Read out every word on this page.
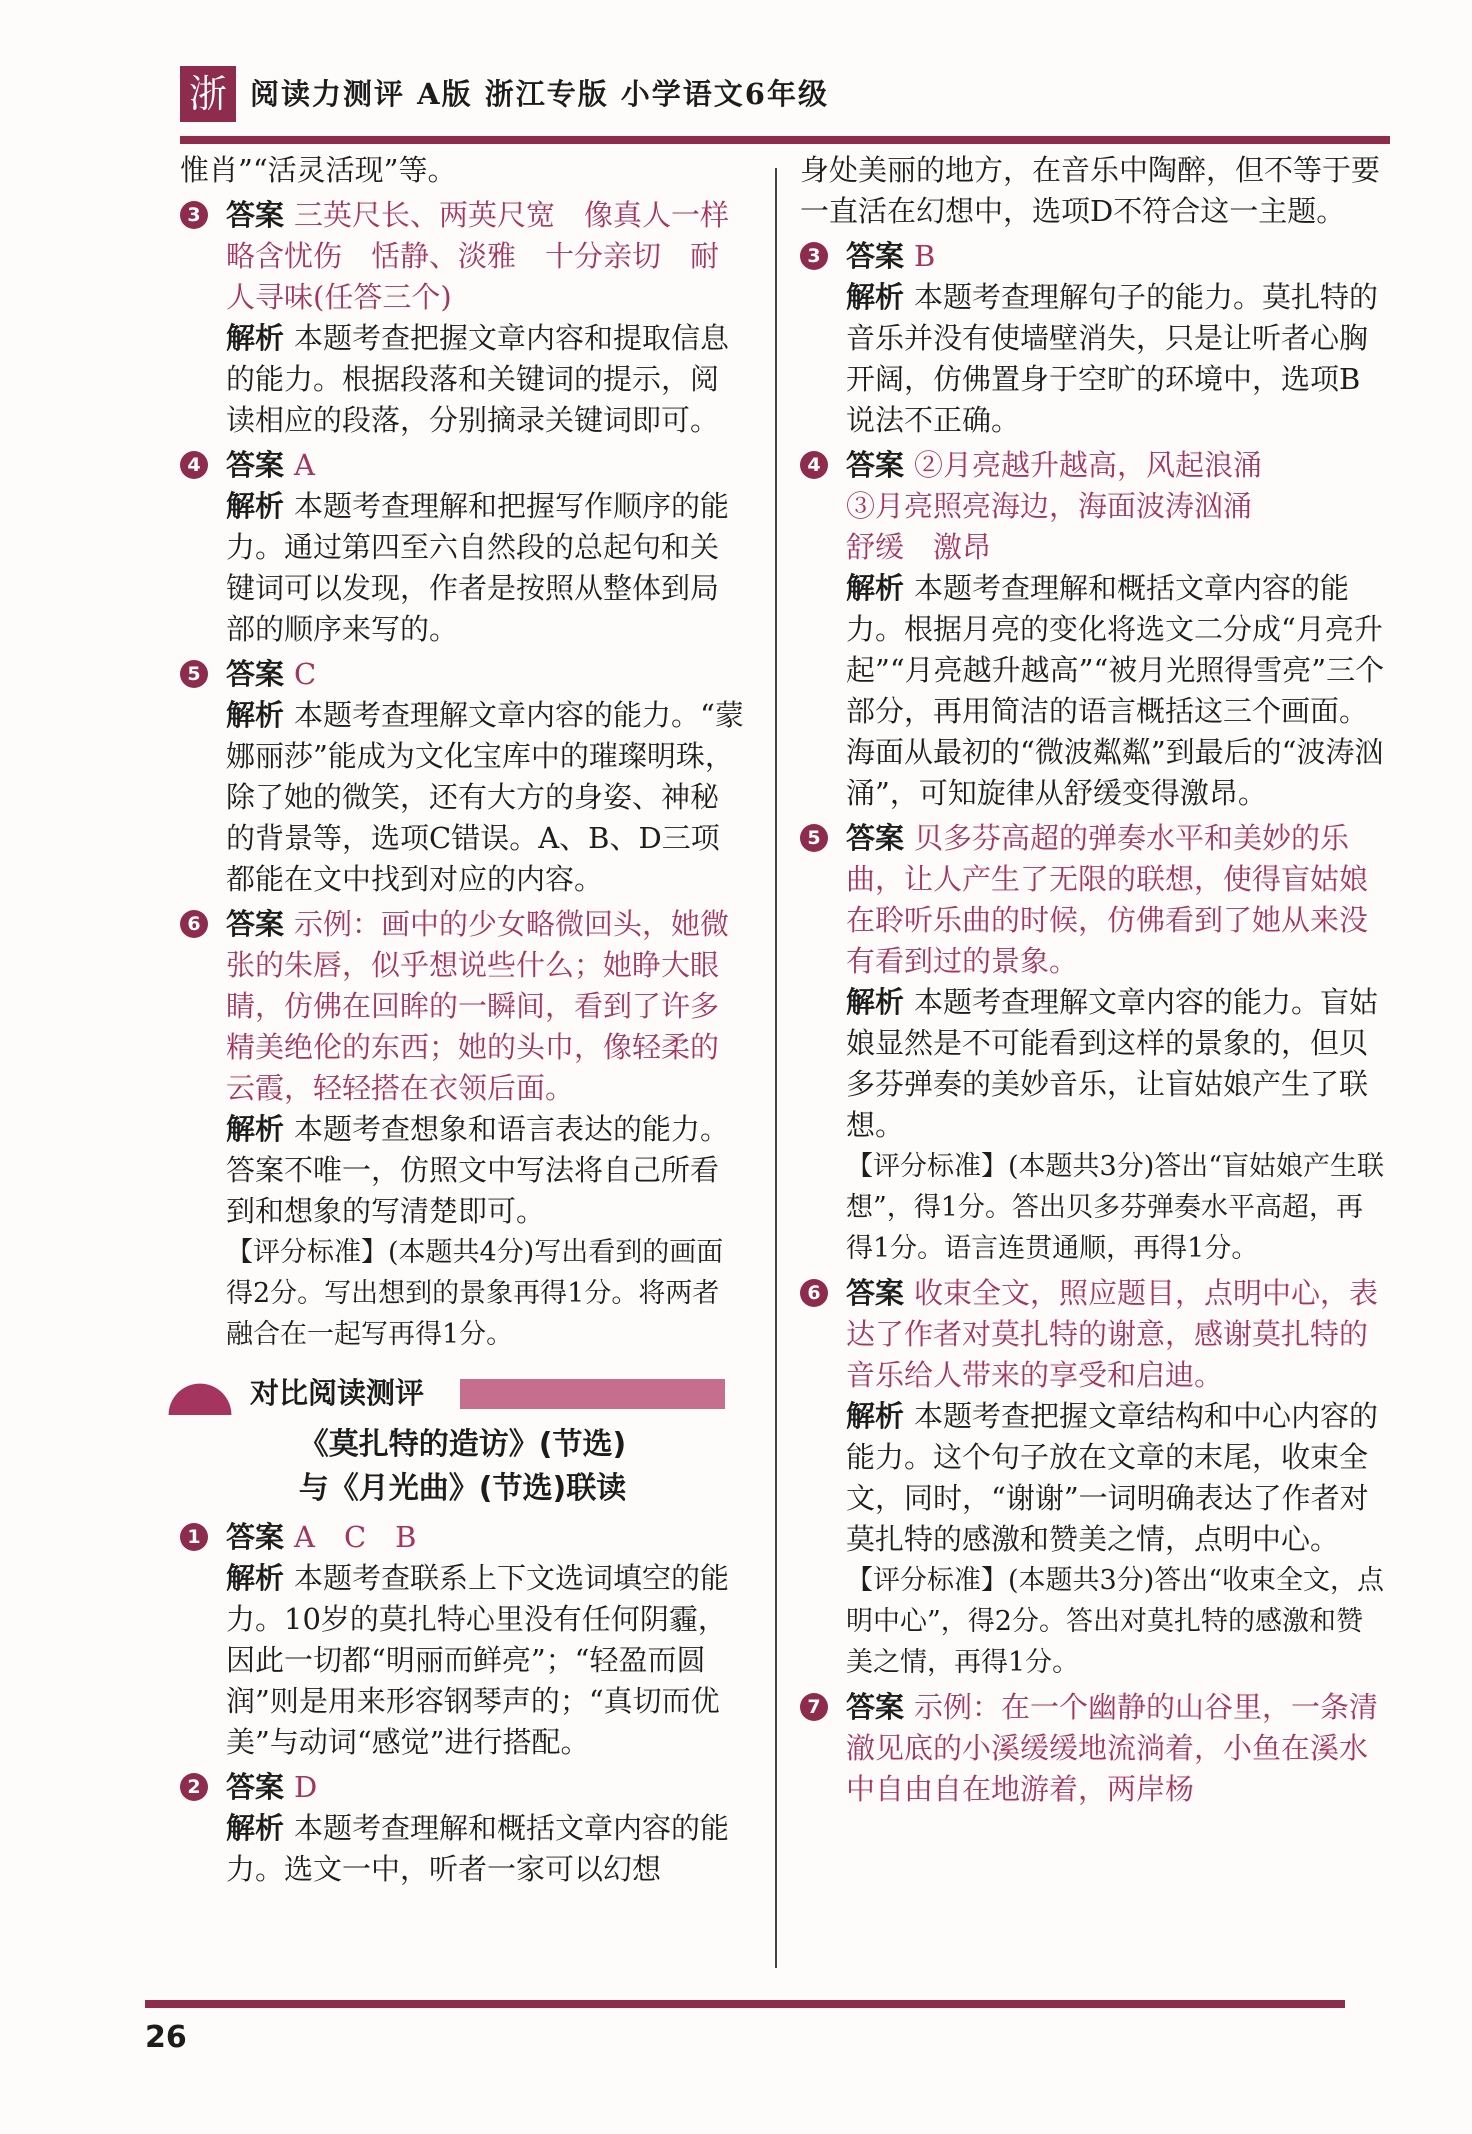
浙 阅读力测评 A版 浙江专版 小学语文6年级

惟肖”“活灵活现”等。

3 答案 三英尺长、两英尺宽　像真人一样

略含忧伤　恬静、淡雅　十分亲切　耐人寻味(任答三个)

解析 本题考查把握文章内容和提取信息的能力。根据段落和关键词的提示，阅读相应的段落，分别摘录关键词即可。

4 答案 A

解析 本题考查理解和把握写作顺序的能力。通过第四至六自然段的总起句和关键词可以发现，作者是按照从整体到局部的顺序来写的。

5 答案 C

解析 本题考查理解文章内容的能力。“蒙娜丽莎”能成为文化宝库中的璀璨明珠，除了她的微笑，还有大方的身姿、神秘的背景等，选项C错误。A、B、D三项都能在文中找到对应的内容。

6 答案 示例：画中的少女略微回头，她微张的朱唇，似乎想说些什么；她睁大眼睛，仿佛在回眸的一瞬间，看到了许多精美绝伦的东西；她的头巾，像轻柔的云霞，轻轻搭在衣领后面。

解析 本题考查想象和语言表达的能力。答案不唯一，仿照文中写法将自己所看到和想象的写清楚即可。

【评分标准】(本题共4分)写出看到的画面得2分。写出想到的景象再得1分。将两者融合在一起写再得1分。

对比阅读测评
《莫扎特的造访》(节选)
与《月光曲》(节选)联读
1 答案 A　C　B

解析 本题考查联系上下文选词填空的能力。10岁的莫扎特心里没有任何阴霾，因此一切都“明丽而鲜亮”；“轻盈而圆润”则是用来形容钢琴声的；“真切而优美”与动词“感觉”进行搭配。

2 答案 D

解析 本题考查理解和概括文章内容的能力。选文一中，听者一家可以幻想

身处美丽的地方，在音乐中陶醉，但不等于要一直活在幻想中，选项D不符合这一主题。

3 答案 B

解析 本题考查理解句子的能力。莫扎特的音乐并没有使墙壁消失，只是让听者心胸开阔，仿佛置身于空旷的环境中，选项B说法不正确。

4 答案 ②月亮越升越高，风起浪涌

③月亮照亮海边，海面波涛汹涌

舒缓　激昂

解析 本题考查理解和概括文章内容的能力。根据月亮的变化将选文二分成“月亮升起”“月亮越升越高”“被月光照得雪亮”三个部分，再用简洁的语言概括这三个画面。海面从最初的“微波粼粼”到最后的“波涛汹涌”，可知旋律从舒缓变得激昂。

5 答案 贝多芬高超的弹奏水平和美妙的乐曲，让人产生了无限的联想，使得盲姑娘在聆听乐曲的时候，仿佛看到了她从来没有看到过的景象。

解析 本题考查理解文章内容的能力。盲姑娘显然是不可能看到这样的景象的，但贝多芬弹奏的美妙音乐，让盲姑娘产生了联想。

【评分标准】(本题共3分)答出“盲姑娘产生联想”，得1分。答出贝多芬弹奏水平高超，再得1分。语言连贯通顺，再得1分。

6 答案 收束全文，照应题目，点明中心，表达了作者对莫扎特的谢意，感谢莫扎特的音乐给人带来的享受和启迪。

解析 本题考查把握文章结构和中心内容的能力。这个句子放在文章的末尾，收束全文，同时，“谢谢”一词明确表达了作者对莫扎特的感激和赞美之情，点明中心。

【评分标准】(本题共3分)答出“收束全文，点明中心”，得2分。答出对莫扎特的感激和赞美之情，再得1分。

7 答案 示例：在一个幽静的山谷里，一条清澈见底的小溪缓缓地流淌着，小鱼在溪水中自由自在地游着，两岸杨
26
